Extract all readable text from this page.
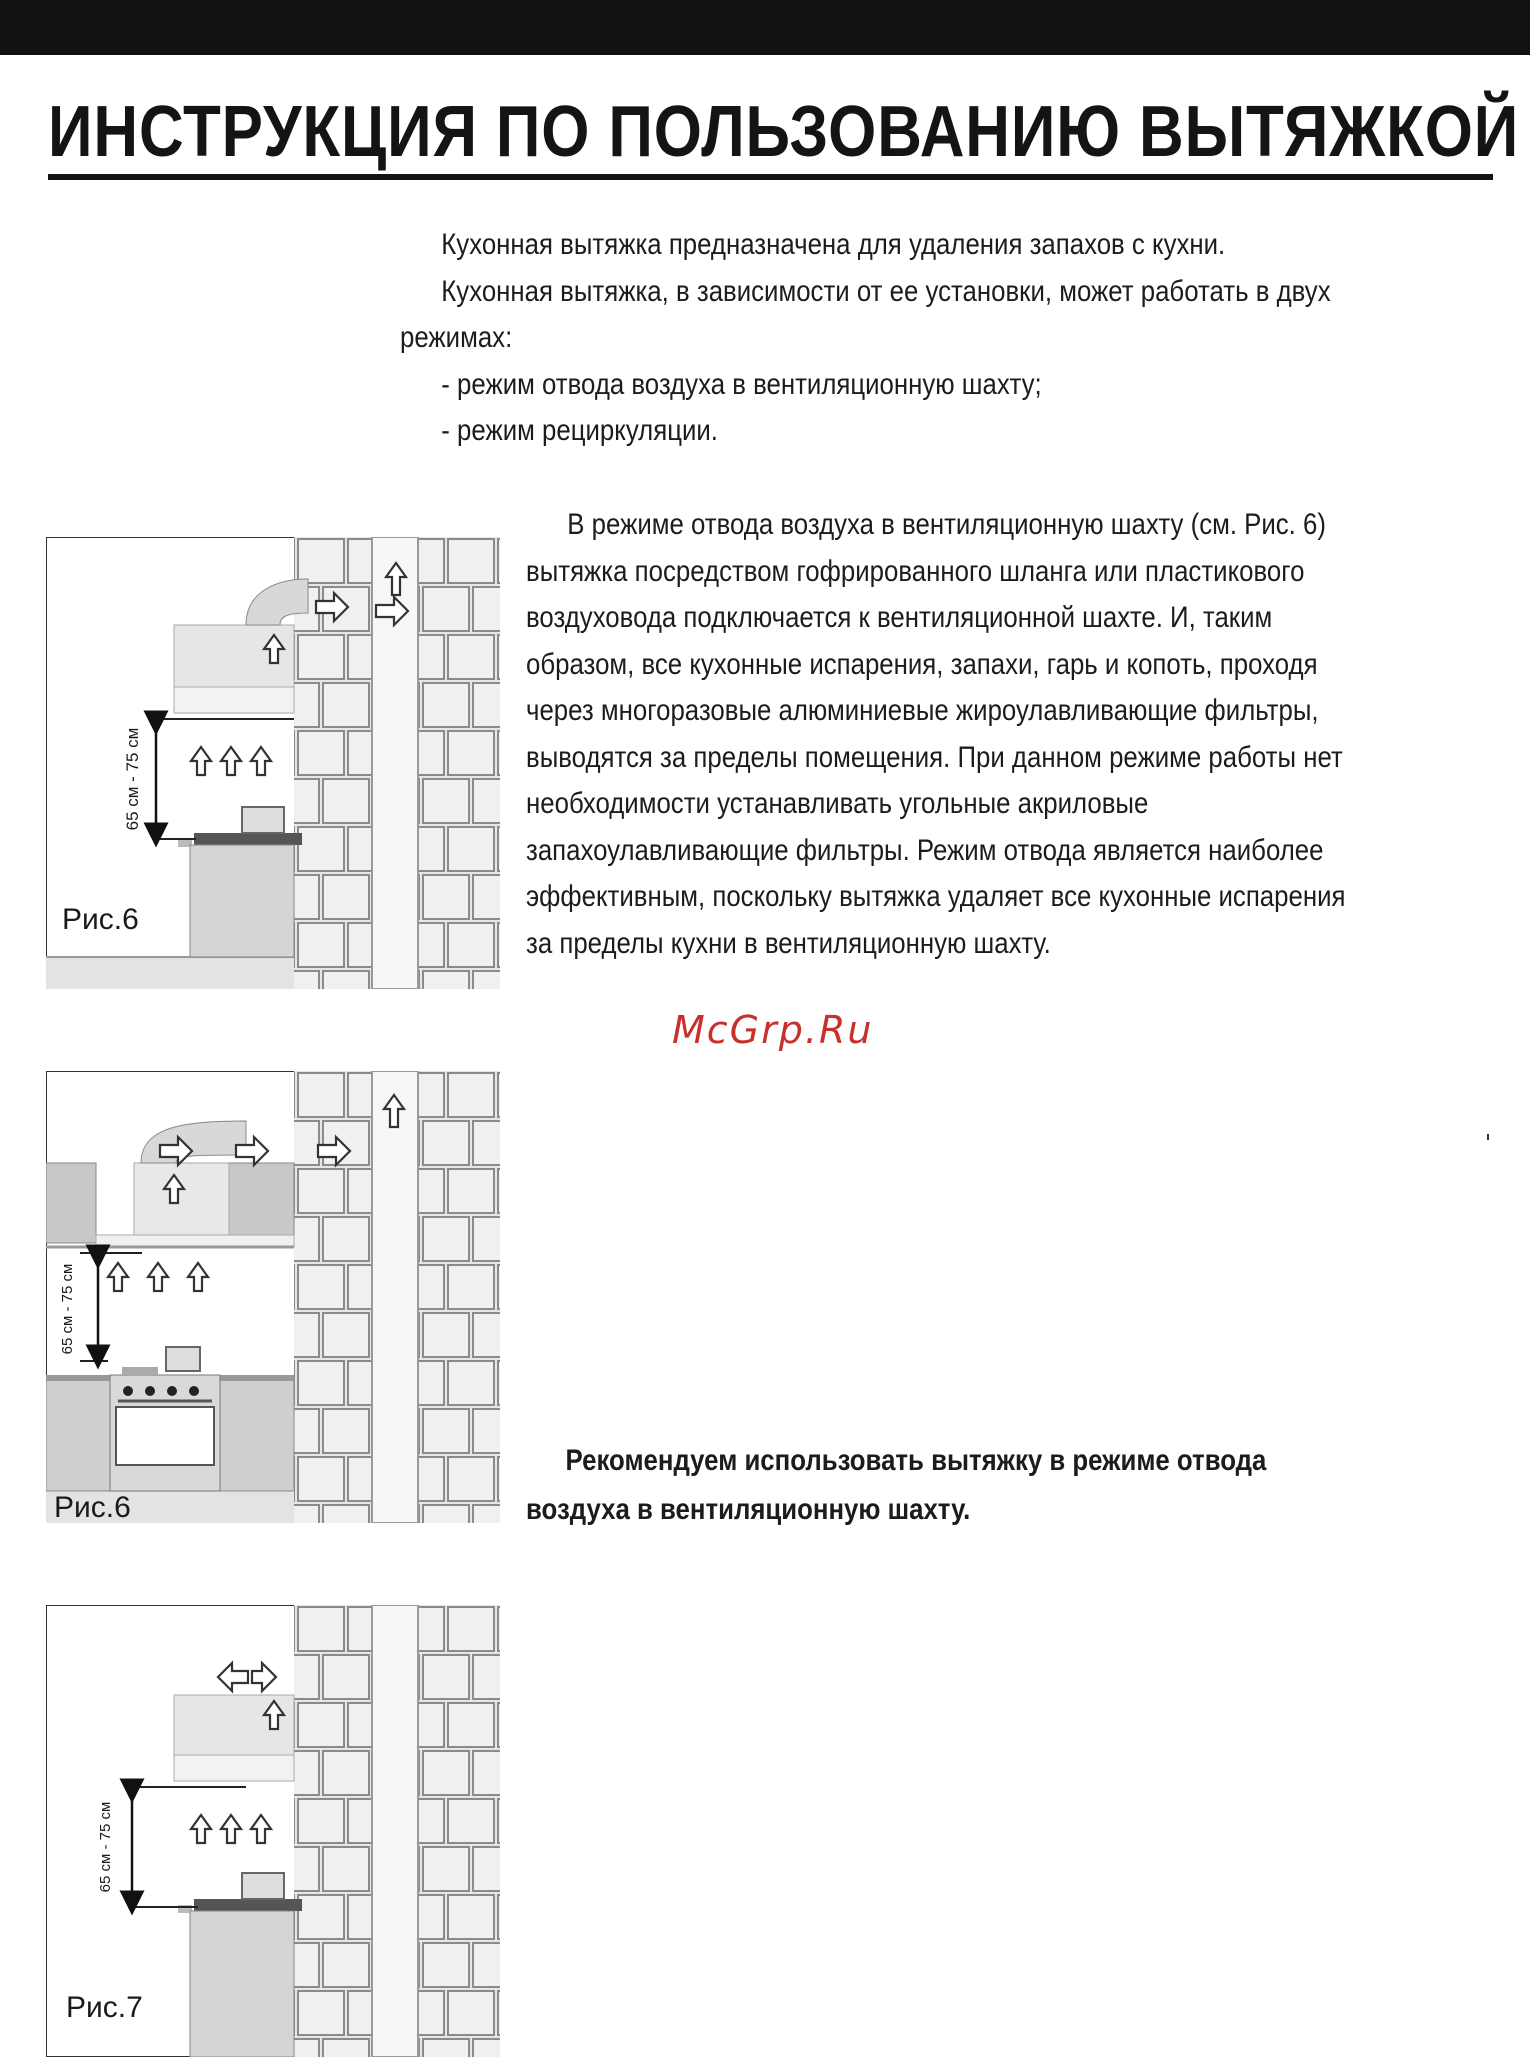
ИНСТРУКЦИЯ ПО ПОЛЬЗОВАНИЮ ВЫТЯЖКОЙ

Кухонная вытяжка предназначена для удаления запахов с кухни.

Кухонная вытяжка, в зависимости от ее установки, может работать в двух

режимах:

- режим отвода воздуха в вентиляционную шахту;

- режим рециркуляции.

В режиме отвода воздуха в вентиляционную шахту (см. Рис. 6)

вытяжка посредством гофрированного шланга или пластикового

воздуховода подключается к вентиляционной шахте. И, таким

образом, все кухонные испарения, запахи, гарь и копоть, проходя

через многоразовые алюминиевые жироулавливающие фильтры,

выводятся за пределы помещения. При данном режиме работы нет

необходимости устанавливать угольные акриловые

запахоулавливающие фильтры. Режим отвода является наиболее

эффективным, поскольку вытяжка удаляет все кухонные испарения

за пределы кухни в вентиляционную шахту.

McGrp.Ru

Рекомендуем использовать вытяжку в режиме отвода

воздуха в вентиляционную шахту.

65 см - 75 см
Рис.6
65 см - 75 см
Рис.6
65 см - 75 см
Рис.7
